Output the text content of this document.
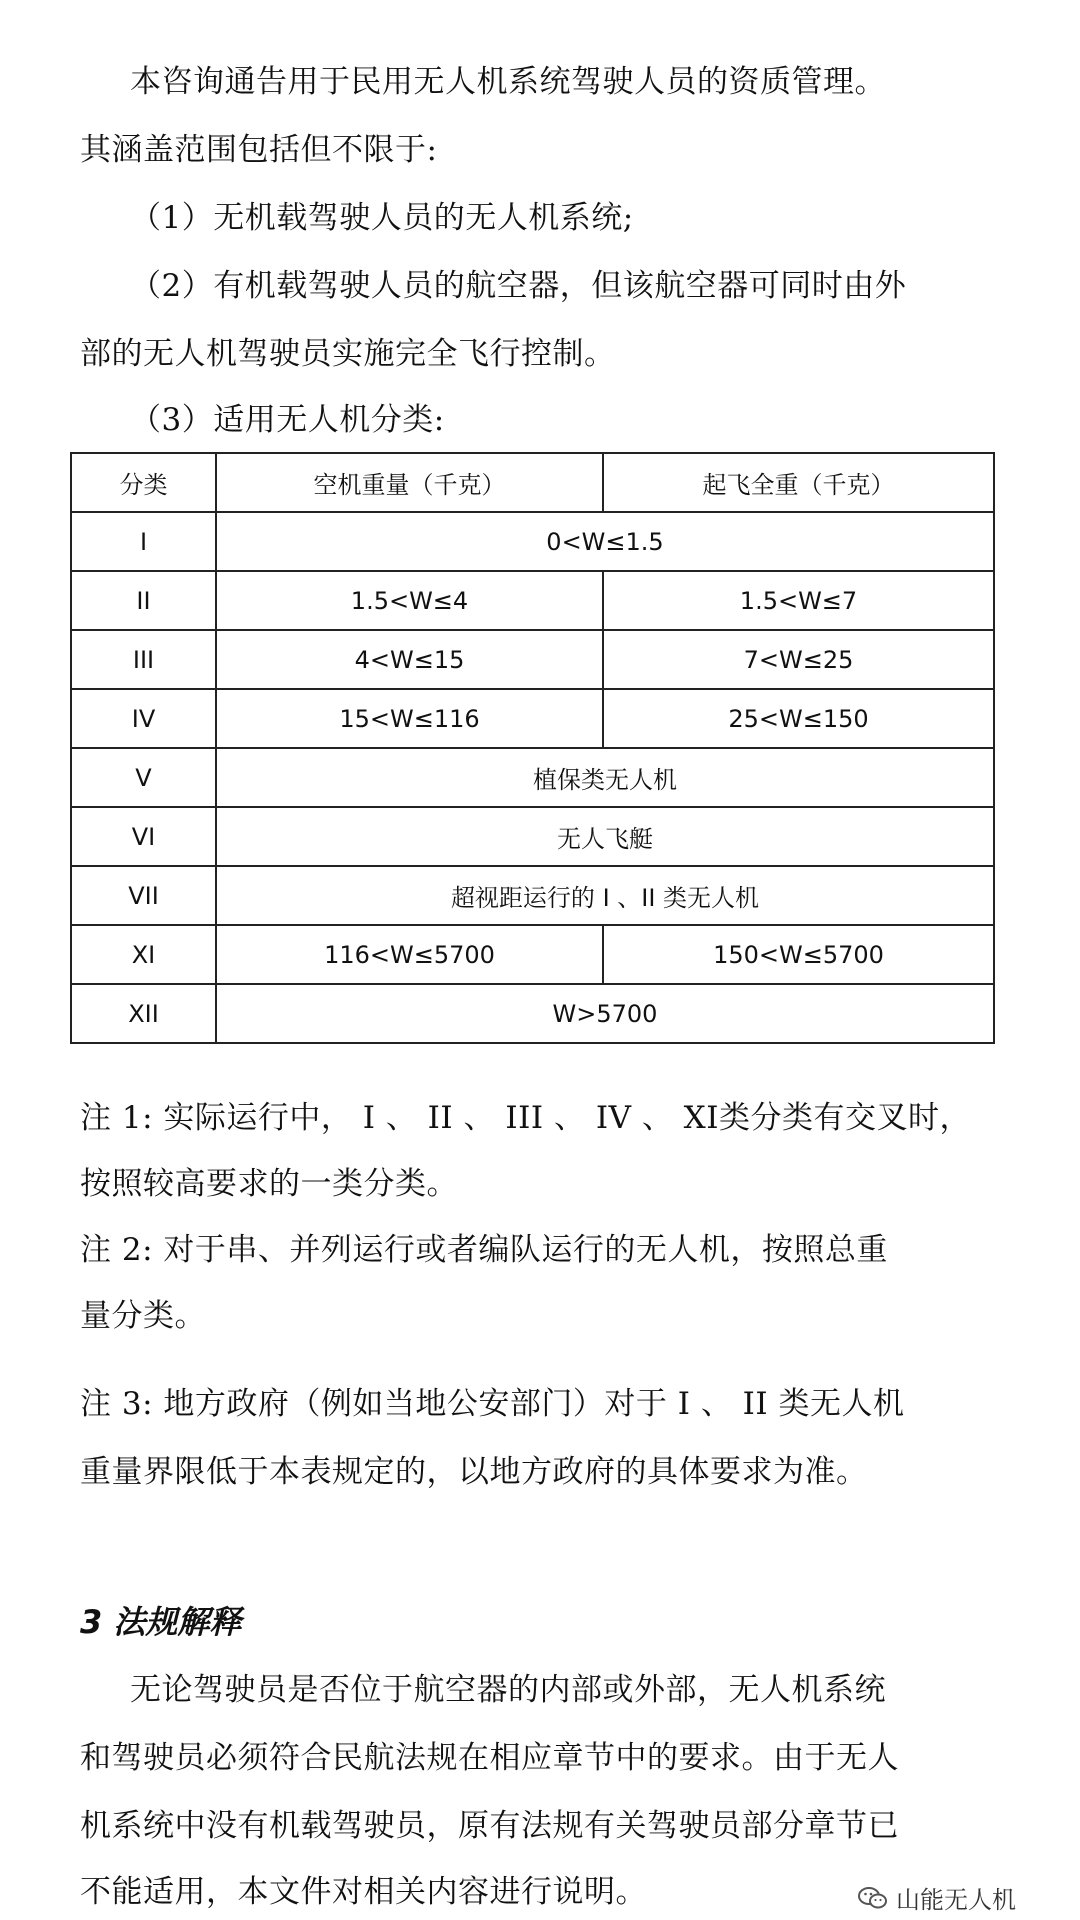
本咨询通告用于民用无人机系统驾驶人员的资质管理。
其涵盖范围包括但不限于:
（1）无机载驾驶人员的无人机系统;
（2）有机载驾驶人员的航空器，但该航空器可同时由外
部的无人机驾驶员实施完全飞行控制。
（3）适用无人机分类:
分类	空机重量（千克）	起飞全重（千克）
I	0<W≤1.5	
II	1.5<W≤4	1.5<W≤7
III	4<W≤15	7<W≤25
IV	15<W≤116	25<W≤150
V	植保类无人机	
VI	无人飞艇	
VII	超视距运行的 I 、II 类无人机	
XI	116<W≤5700	150<W≤5700
XII	W>5700	
注 1: 实际运行中， I 、 II 、 III 、 IV 、 XI类分类有交叉时，
按照较高要求的一类分类。
注 2: 对于串、并列运行或者编队运行的无人机，按照总重
量分类。
注 3: 地方政府（例如当地公安部门）对于 I 、 II 类无人机
重量界限低于本表规定的，以地方政府的具体要求为准。
3 法规解释
无论驾驶员是否位于航空器的内部或外部，无人机系统
和驾驶员必须符合民航法规在相应章节中的要求。由于无人
机系统中没有机载驾驶员，原有法规有关驾驶员部分章节已
不能适用，本文件对相关内容进行说明。	山能无人机
